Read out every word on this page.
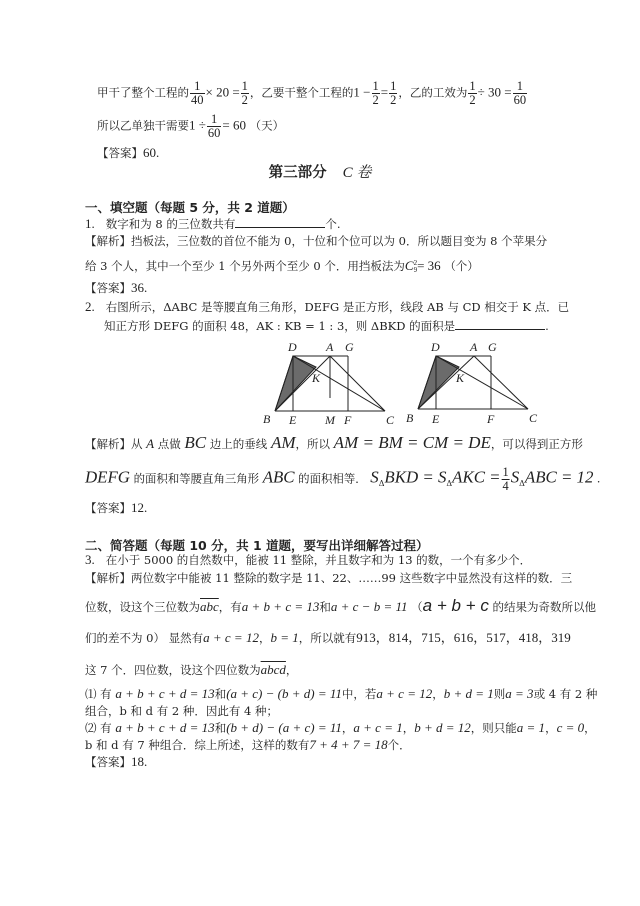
甲干了整个工程的 $\frac{1}{40} \times 20 = \frac{1}{2}$ ，乙要干整个工程的$1 - \frac{1}{2} = \frac{1}{2}$ ，乙的工效为 $\frac{1}{2} \div 30 = \frac{1}{60}$
所以乙单独干需要$1 \div \frac{1}{60} = 60$ （天）
【答案】60.
第三部分 C 卷
一、填空题（每题 5 分，共 2 道题）
1. 数字和为 8 的三位数共有	个.
【解析】挡板法，三位数的首位不能为 0，十位和个位可以为 0．所以题目变为 8 个苹果分
给 3 个人，其中一个至少 1 个另外两个至少 0 个．用挡板法为C 2
9 = 36 （个）
【答案】36.
2. 右图所示，ΔABC 是等腰直角三角形，DEFG 是正方形，线段 AB 与 CD 相交于 K 点．已
知正方形 DEFG 的面积 48，AK : KB = 1 : 3，则 ΔBKD 的面积是	.
D A G
K
B E M F	C
D	A G
K
B E	F	C
【解析】从 A 点做 BC 边上的垂线 AM，所以 AM = BM = CM = DE，可以得到正方形
DEFG 的面积和等腰直角三角形 ABC 的面积相等． $S_\Delta BKD = S_\Delta AKC = \frac{1}{4} S_\Delta ABC = 12$ .
【答案】12.
二、简答题（每题 10 分，共 1 道题，要写出详细解答过程）
3. 在小于 5000 的自然数中，能被 11 整除，并且数字和为 13 的数，一个有多少个．
【解析】两位数字中能被 11 整除的数字是 11、22、……99 这些数字中显然没有这样的数．三
位数，设这个三位数为$\overline{abc}$，有a + b + c = 13和a + c − b = 11 （a + b + c 的结果为奇数所以他
们的差不为 0） 显然有a + c = 12，b = 1，所以就有913，814，715，616，517，418，319
这 7 个．四位数，设这个四位数为abcd，
⑴ 有 a + b + c + d = 13和(a + c) − (b + d) = 11中，若a + c = 12，b + d = 1则a = 3或 4 有 2 种
组合，b 和 d 有 2 种．因此有 4 种；
⑵ 有 a + b + c + d = 13和(b + d) − (a + c) = 11，a + c = 1，b + d = 12，则只能a = 1，c = 0，
b 和 d 有 7 种组合．综上所述，这样的数有7 + 4 + 7 = 18个．
【答案】18.
